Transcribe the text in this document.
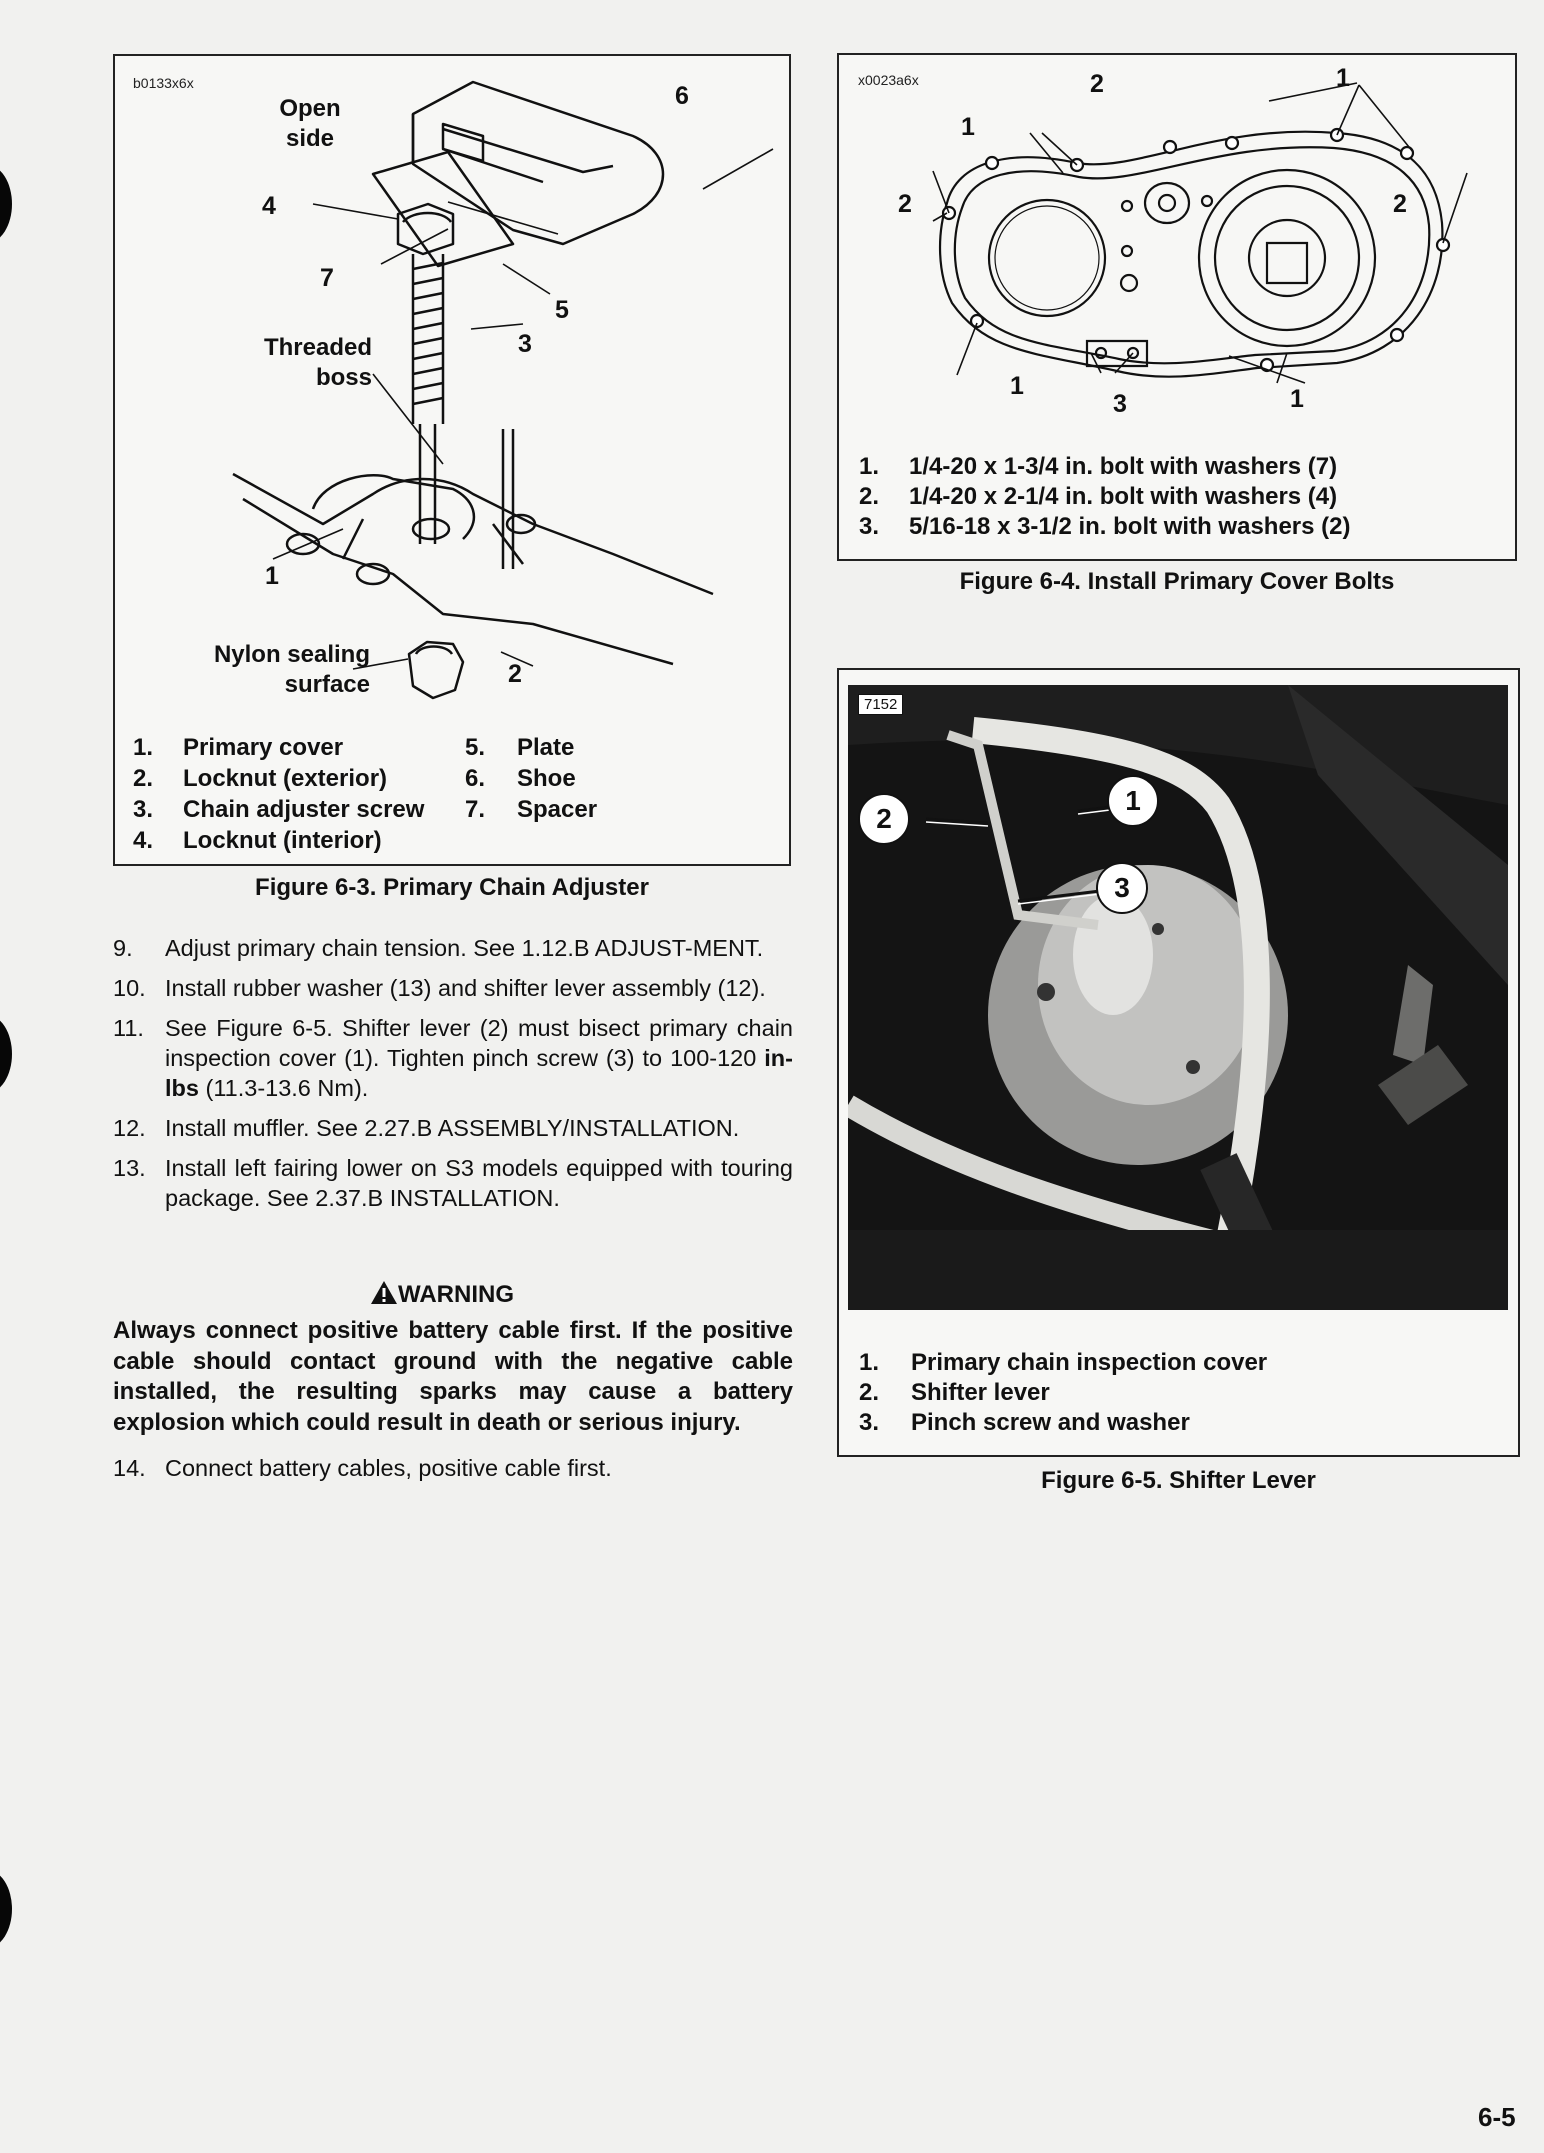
b0133x6x
Open
side
Threaded
boss
Nylon sealing
surface
6
4
7
5
3
1
2
1. Primary cover
2. Locknut (exterior)
3. Chain adjuster screw
4. Locknut (interior)
5. Plate
6. Shoe
7. Spacer
Figure 6-3. Primary Chain Adjuster
x0023a6x	2
1
1
2	2
1
3	1
1. 1/4-20 x 1-3/4 in. bolt with washers (7)
2. 1/4-20 x 2-1/4 in. bolt with washers (4)
3. 5/16-18 x 3-1/2 in. bolt with washers (2)
Figure 6-4. Install Primary Cover Bolts
7152
1
2
3
1. Primary chain inspection cover
2. Shifter lever
3. Pinch screw and washer
Figure 6-5. Shifter Lever
9. Adjust primary chain tension. See 1.12.B ADJUST-MENT.
10. Install rubber washer (13) and shifter lever assembly (12).
11. See Figure 6-5. Shifter lever (2) must bisect primary chain inspection cover (1). Tighten pinch screw (3) to 100-120 in-lbs (11.3-13.6 Nm).
12. Install muffler. See 2.27.B ASSEMBLY/INSTALLATION.
13. Install left fairing lower on S3 models equipped with touring package. See 2.37.B INSTALLATION.
WARNING
Always connect positive battery cable first. If the positive cable should contact ground with the negative cable installed, the resulting sparks may cause a battery explosion which could result in death or serious injury.
14. Connect battery cables, positive cable first.
6-5
